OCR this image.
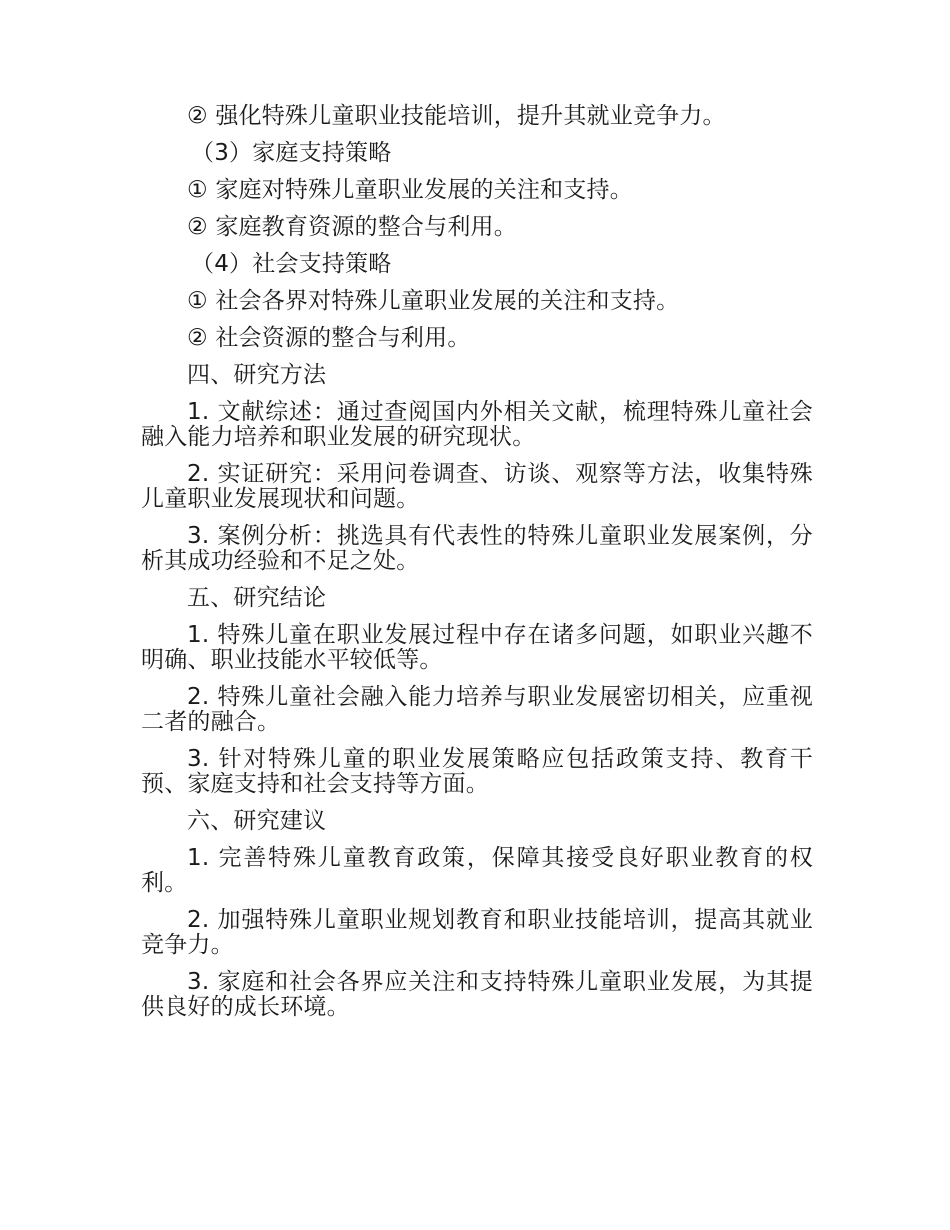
② 强化特殊儿童职业技能培训，提升其就业竞争力。

（3）家庭支持策略

① 家庭对特殊儿童职业发展的关注和支持。

② 家庭教育资源的整合与利用。

（4）社会支持策略

① 社会各界对特殊儿童职业发展的关注和支持。

② 社会资源的整合与利用。

四、研究方法

1. 文献综述：通过查阅国内外相关文献，梳理特殊儿童社会融入能力培养和职业发展的研究现状。

2. 实证研究：采用问卷调查、访谈、观察等方法，收集特殊儿童职业发展现状和问题。

3. 案例分析：挑选具有代表性的特殊儿童职业发展案例，分析其成功经验和不足之处。

五、研究结论

1. 特殊儿童在职业发展过程中存在诸多问题，如职业兴趣不明确、职业技能水平较低等。

2. 特殊儿童社会融入能力培养与职业发展密切相关，应重视二者的融合。

3. 针对特殊儿童的职业发展策略应包括政策支持、教育干预、家庭支持和社会支持等方面。

六、研究建议

1. 完善特殊儿童教育政策，保障其接受良好职业教育的权利。

2. 加强特殊儿童职业规划教育和职业技能培训，提高其就业竞争力。

3. 家庭和社会各界应关注和支持特殊儿童职业发展，为其提供良好的成长环境。
